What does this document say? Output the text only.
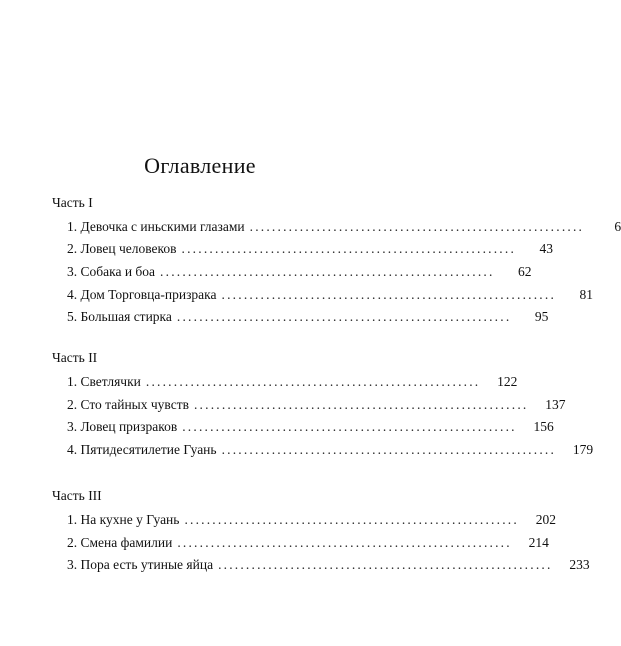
Оглавление
Часть I
1. Девочка с иньскими глазами ............................................................	6
2. Ловец человеков ............................................................	43
3. Собака и боа ............................................................	62
4. Дом Торговца-призрака ............................................................	81
5. Большая стирка ............................................................	95
Часть II
1. Светлячки ............................................................	122
2. Сто тайных чувств ............................................................	137
3. Ловец призраков ............................................................	156
4. Пятидесятилетие Гуань ............................................................	179
Часть III
1. На кухне у Гуань ............................................................	202
2. Смена фамилии ............................................................	214
3. Пора есть утиные яйца ............................................................	233
